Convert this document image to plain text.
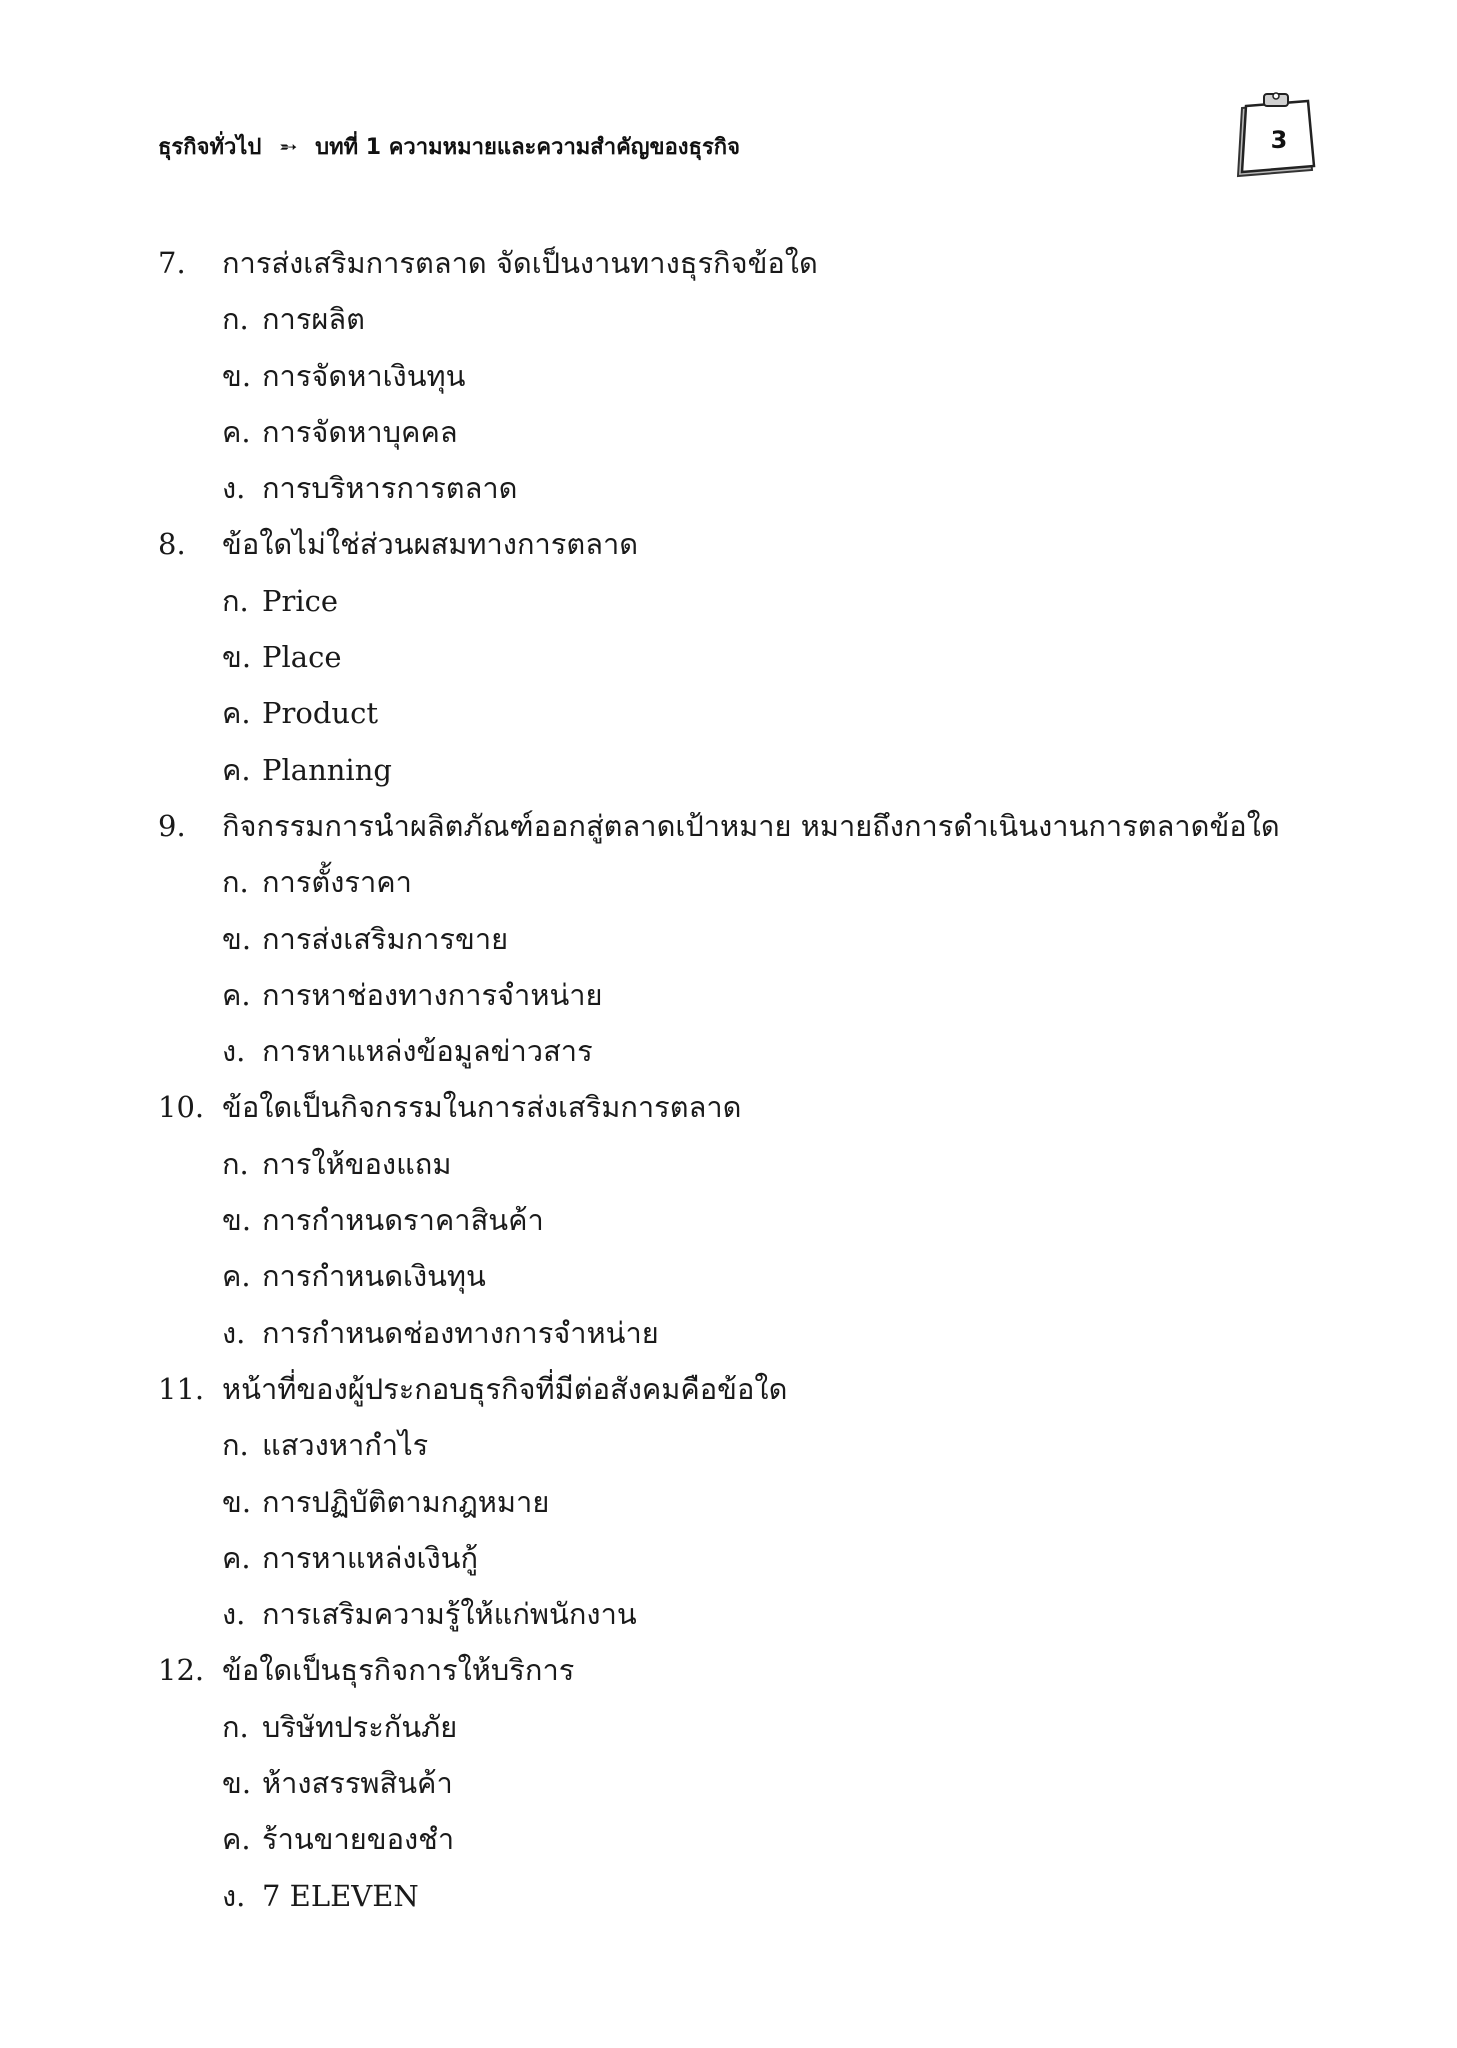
ธุรกิจทั่วไป ➵ บทที่ 1 ความหมายและความสำคัญของธุรกิจ	3
7. การส่งเสริมการตลาด จัดเป็นงานทางธุรกิจข้อใด
ก. การผลิต
ข. การจัดหาเงินทุน
ค. การจัดหาบุคคล
ง. การบริหารการตลาด
8. ข้อใดไม่ใช่ส่วนผสมทางการตลาด
ก. Price
ข. Place
ค. Product
ค. Planning
9. กิจกรรมการนำผลิตภัณฑ์ออกสู่ตลาดเป้าหมาย หมายถึงการดำเนินงานการตลาดข้อใด
ก. การตั้งราคา
ข. การส่งเสริมการขาย
ค. การหาช่องทางการจำหน่าย
ง. การหาแหล่งข้อมูลข่าวสาร
10. ข้อใดเป็นกิจกรรมในการส่งเสริมการตลาด
ก. การให้ของแถม
ข. การกำหนดราคาสินค้า
ค. การกำหนดเงินทุน
ง. การกำหนดช่องทางการจำหน่าย
11. หน้าที่ของผู้ประกอบธุรกิจที่มีต่อสังคมคือข้อใด
ก. แสวงหากำไร
ข. การปฏิบัติตามกฎหมาย
ค. การหาแหล่งเงินกู้
ง. การเสริมความรู้ให้แก่พนักงาน
12. ข้อใดเป็นธุรกิจการให้บริการ
ก. บริษัทประกันภัย
ข. ห้างสรรพสินค้า
ค. ร้านขายของชำ
ง. 7 ELEVEN
